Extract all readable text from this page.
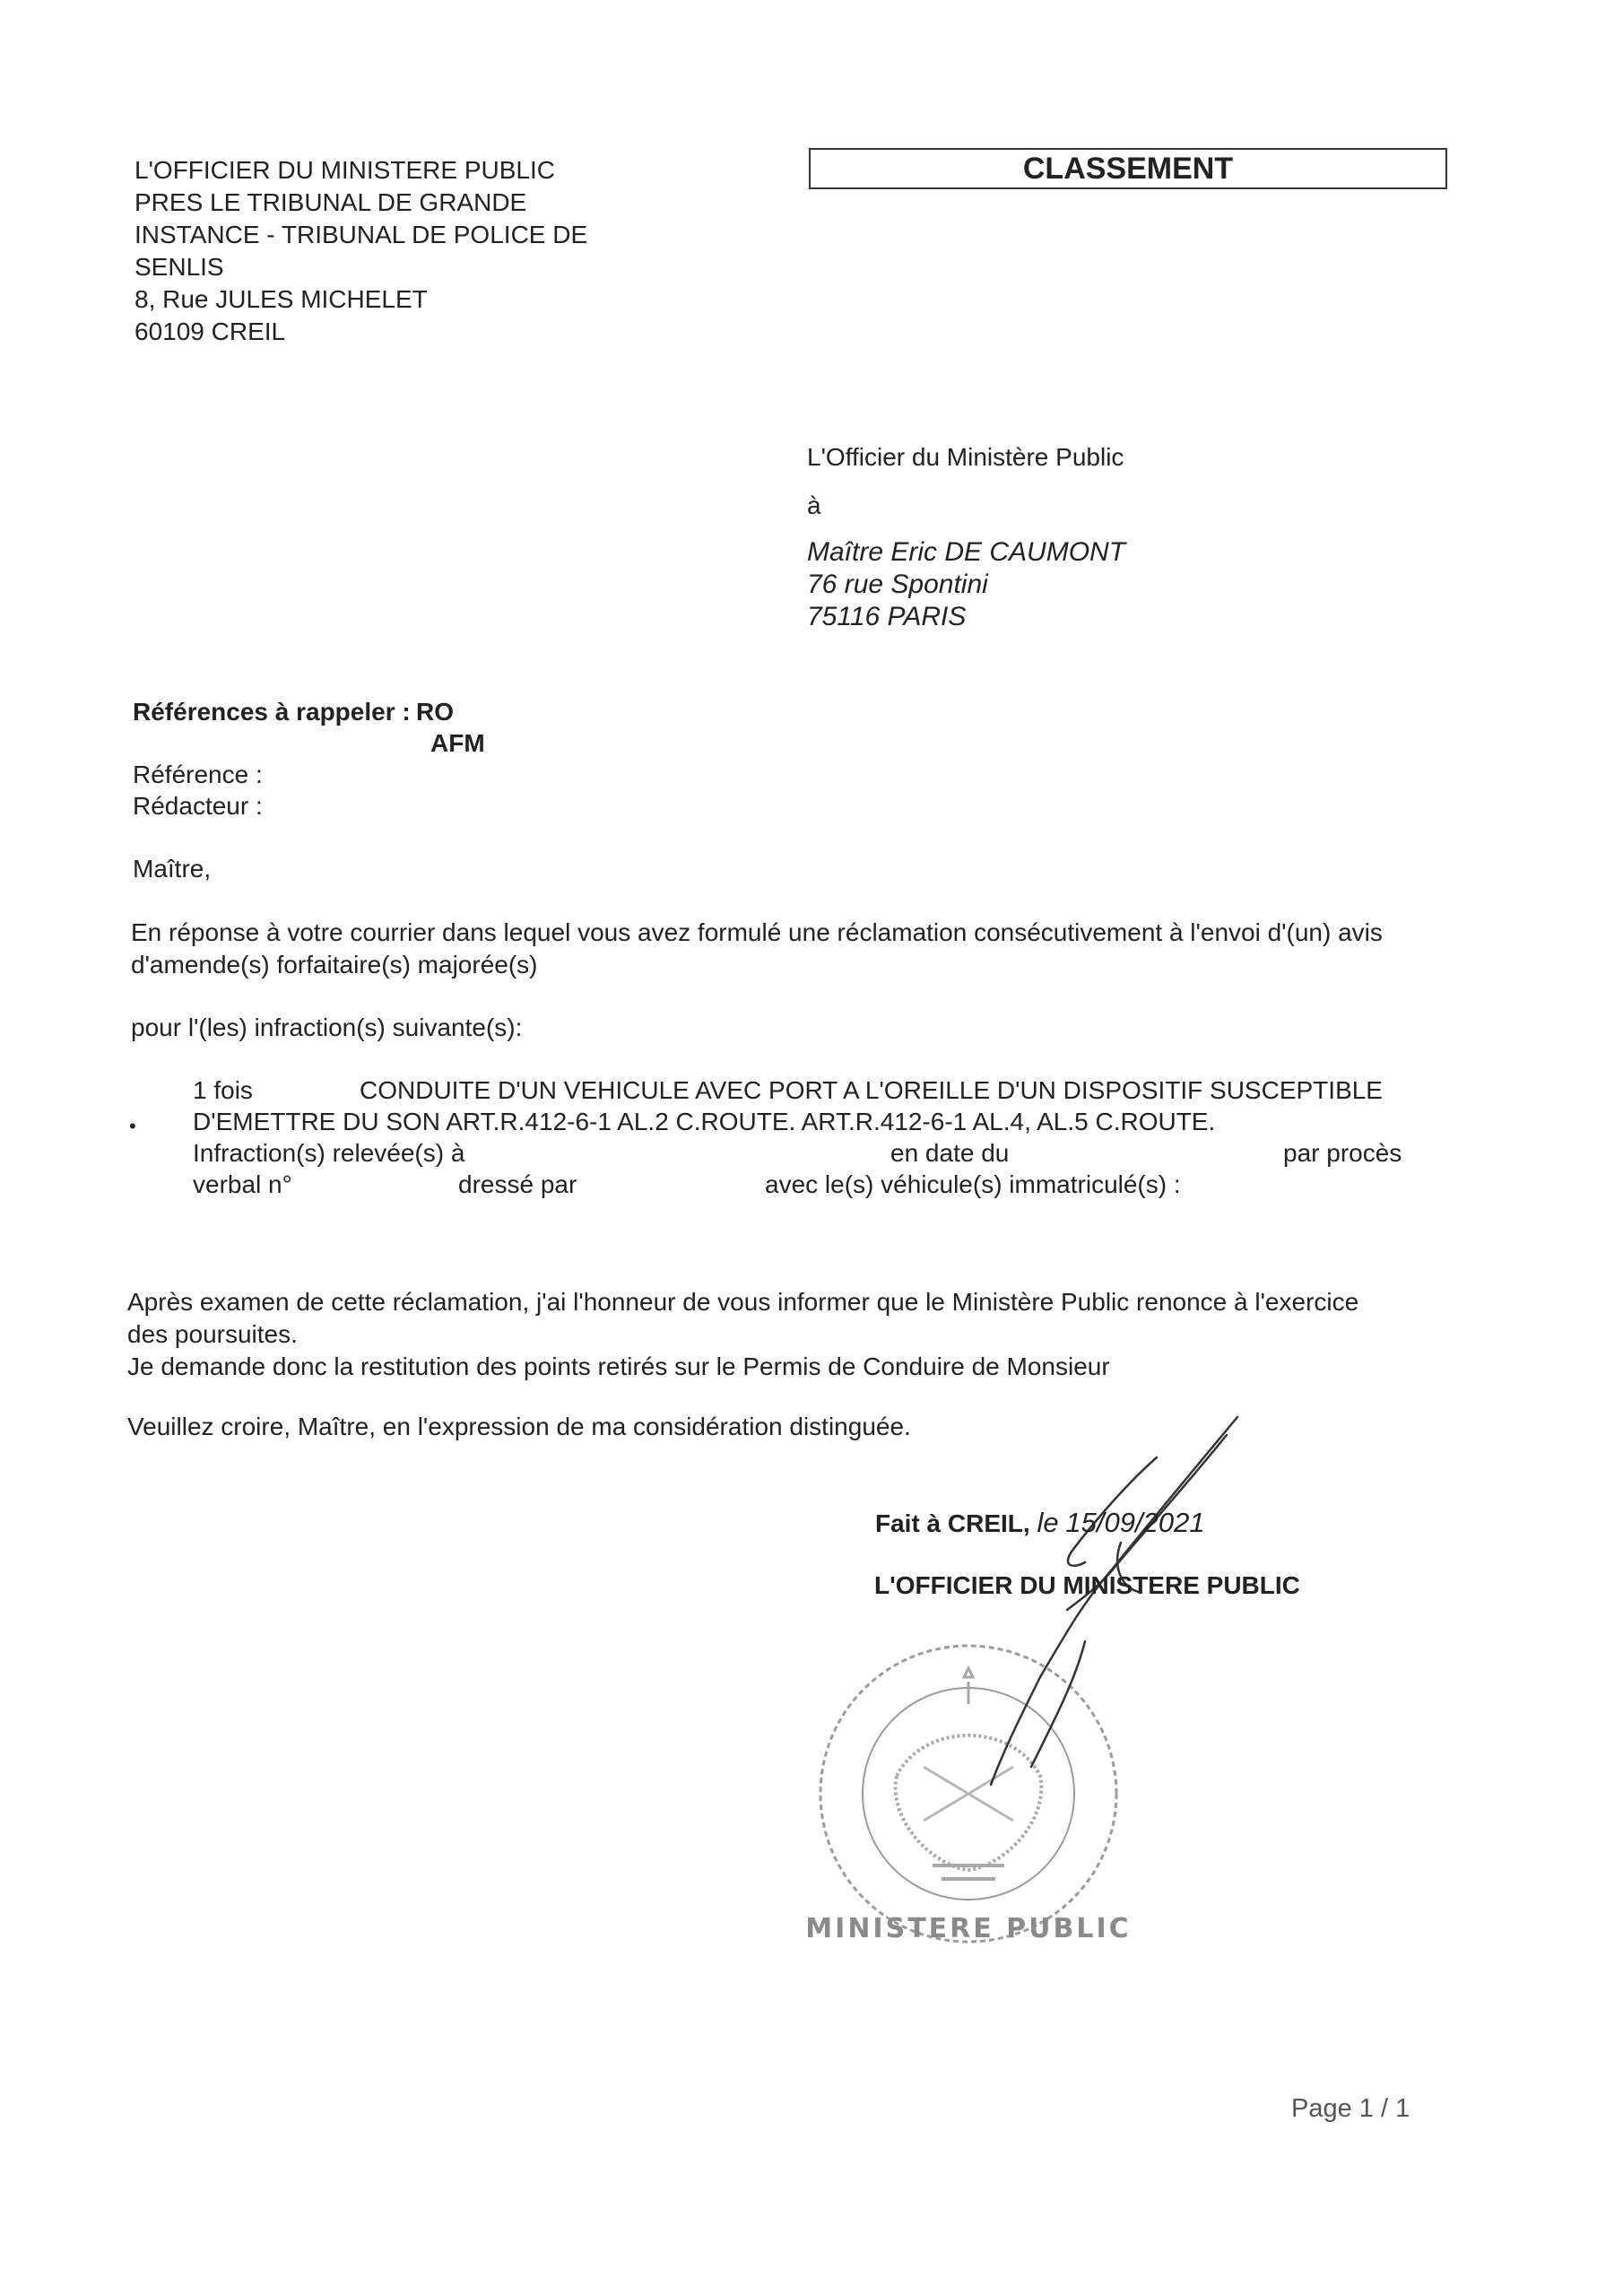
L'OFFICIER DU MINISTERE PUBLIC
PRES LE TRIBUNAL DE GRANDE
INSTANCE - TRIBUNAL DE POLICE DE
SENLIS
8, Rue JULES MICHELET
60109 CREIL
CLASSEMENT
L'Officier du Ministère Public
à
Maître Eric DE CAUMONT
76 rue Spontini
75116 PARIS
Références à rappeler : RO
AFM
Référence :
Rédacteur :
Maître,
En réponse à votre courrier dans lequel vous avez formulé une réclamation consécutivement à l'envoi d'(un) avis d'amende(s) forfaitaire(s) majorée(s)
pour l'(les) infraction(s) suivante(s):
1 fois
•
CONDUITE D'UN VEHICULE AVEC PORT A L'OREILLE D'UN DISPOSITIF SUSCEPTIBLE
D'EMETTRE DU SON ART.R.412-6-1 AL.2 C.ROUTE. ART.R.412-6-1 AL.4, AL.5 C.ROUTE.
Infraction(s) relevée(s) à	en date du	par procès
verbal n°	dressé par	avec le(s) véhicule(s) immatriculé(s) :
Après examen de cette réclamation, j'ai l'honneur de vous informer que le Ministère Public renonce à l'exercice
des poursuites.
Je demande donc la restitution des points retirés sur le Permis de Conduire de Monsieur
Veuillez croire, Maître, en l'expression de ma considération distinguée.
MINISTERE PUBLIC
Fait à CREIL, le 15/09/2021
L'OFFICIER DU MINISTERE PUBLIC
Page 1 / 1
